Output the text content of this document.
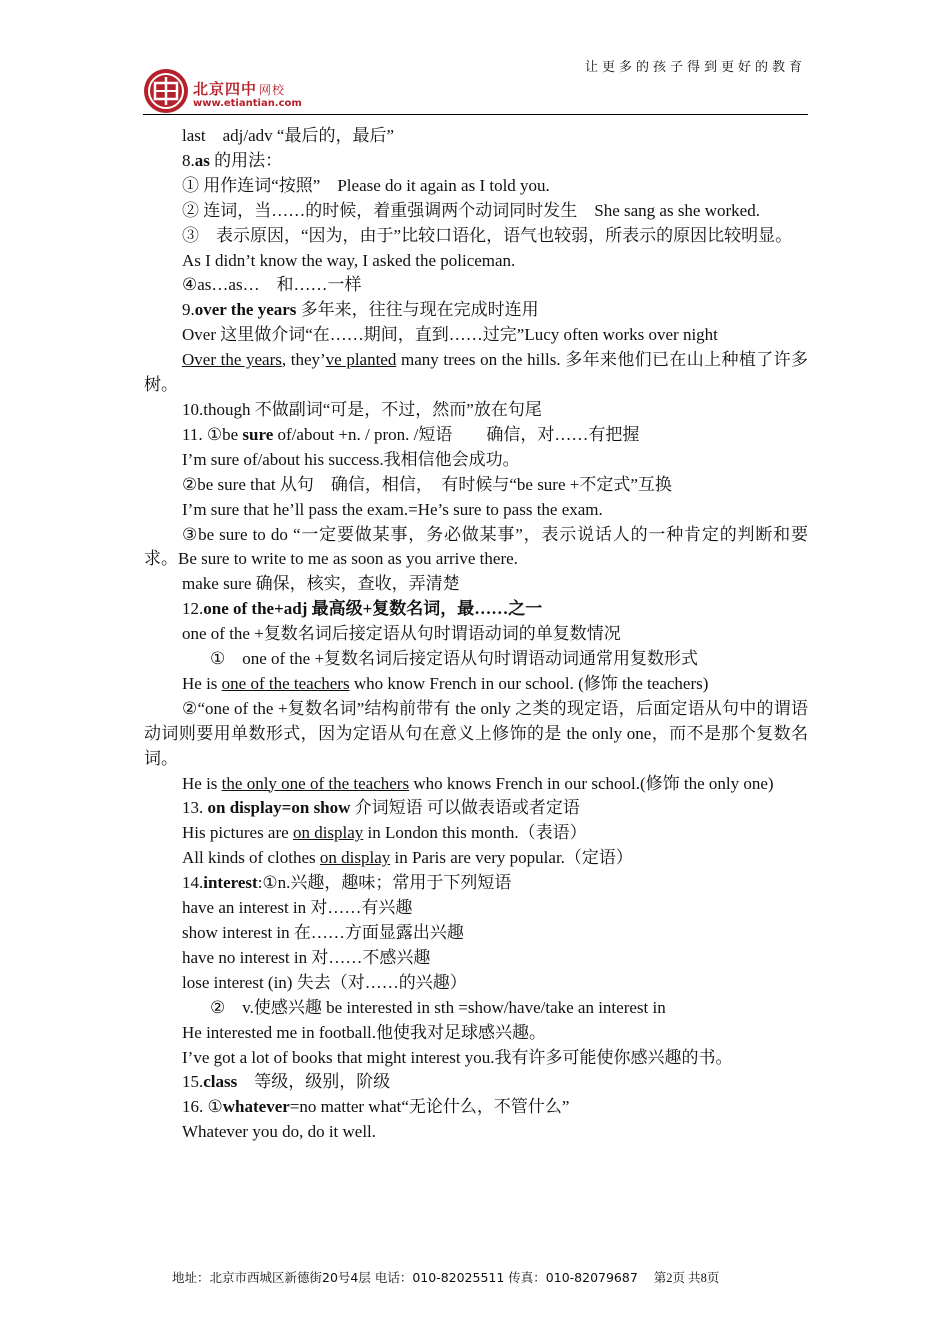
北京四中 网校
www.etiantian.com
让更多的孩子得到更好的教育

last　adj/adv “最后的，最后”

8.as 的用法：

① 用作连词“按照”　Please do it again as I told you.

② 连词，当……的时候，着重强调两个动词同时发生　She sang as she worked.

③　表示原因，“因为，由于”比较口语化，语气也较弱，所表示的原因比较明显。

As I didn’t know the way, I asked the policeman.

④as…as…　和……一样

9.over the years 多年来，往往与现在完成时连用

Over 这里做介词“在……期间，直到……过完”Lucy often works over night

Over the years, they’ve planted many trees on the hills. 多年来他们已在山上种植了许多树。

10.though 不做副词“可是，不过，然而”放在句尾

11. ①be sure of/about +n. / pron. /短语　　确信，对……有把握

I’m sure of/about his success.我相信他会成功。

②be sure that 从句　确信，相信，　有时候与“be sure +不定式”互换

I’m sure that he’ll pass the exam.=He’s sure to pass the exam.

③be sure to do “一定要做某事，务必做某事”，表示说话人的一种肯定的判断和要求。Be sure to write to me as soon as you arrive there.

make sure 确保，核实，查收，弄清楚

12.one of the+adj 最高级+复数名词，最……之一

one of the +复数名词后接定语从句时谓语动词的单复数情况

①　one of the +复数名词后接定语从句时谓语动词通常用复数形式

He is one of the teachers who know French in our school. (修饰 the teachers)

②“one of the +复数名词”结构前带有 the only 之类的现定语，后面定语从句中的谓语动词则要用单数形式，因为定语从句在意义上修饰的是 the only one，而不是那个复数名词。

He is the only one of the teachers who knows French in our school.(修饰 the only one)

13. on display=on show 介词短语 可以做表语或者定语

His pictures are on display in London this month.（表语）

All kinds of clothes on display in Paris are very popular.（定语）

14.interest:①n.兴趣，趣味；常用于下列短语

have an interest in 对……有兴趣

show interest in 在……方面显露出兴趣

have no interest in 对……不感兴趣

lose interest (in) 失去（对……的兴趣）

②　v.使感兴趣 be interested in sth =show/have/take an interest in

He interested me in football.他使我对足球感兴趣。

I’ve got a lot of books that might interest you.我有许多可能使你感兴趣的书。

15.class　等级，级别，阶级

16. ①whatever=no matter what“无论什么，不管什么”

Whatever you do, do it well.

地址：北京市西城区新德街20号4层 电话：010-82025511 传真：010-82079687 第2页 共8页
